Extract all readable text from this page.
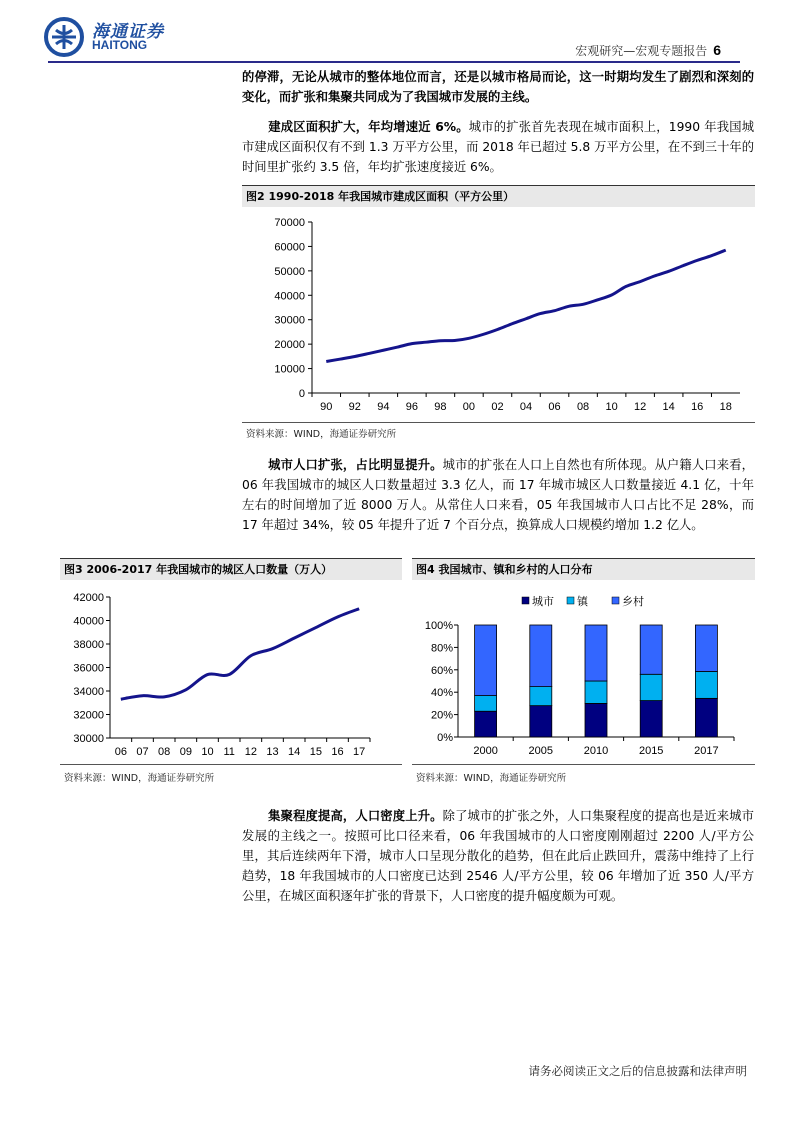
海通证券
HAITONG	宏观研究—宏观专题报告 6
的停滞，无论从城市的整体地位而言，还是以城市格局而论，这一时期均发生了剧烈和深刻的变化，而扩张和集聚共同成为了我国城市发展的主线。
建成区面积扩大，年均增速近 6%。城市的扩张首先表现在城市面积上，1990 年我国城市建成区面积仅有不到 1.3 万平方公里，而 2018 年已超过 5.8 万平方公里，在不到三十年的时间里扩张约 3.5 倍，年均扩张速度接近 6%。
图2 1990-2018 年我国城市建成区面积（平方公里）
0
10000
20000
30000
40000
50000
60000
70000
90 92 94 96 98 00 02 04 06 08 10 12 14 16 18
资料来源：WIND，海通证券研究所
城市人口扩张，占比明显提升。城市的扩张在人口上自然也有所体现。从户籍人口来看，06 年我国城市的城区人口数量超过 3.3 亿人，而 17 年城市城区人口数量接近 4.1 亿，十年左右的时间增加了近 8000 万人。从常住人口来看，05 年我国城市人口占比不足 28%，而 17 年超过 34%，较 05 年提升了近 7 个百分点，换算成人口规模约增加 1.2 亿人。
图3 2006-2017 年我国城市的城区人口数量（万人）
30000
32000
34000
36000
38000
40000
42000
06 07 08 09 10 11 12 13 14 15 16 17
资料来源：WIND，海通证券研究所
图4 我国城市、镇和乡村的人口分布
城市 镇	乡村
0%
20%
40%
60%
80%
100%
2000	2005	2010	2015	2017
资料来源：WIND，海通证券研究所
集聚程度提高，人口密度上升。除了城市的扩张之外，人口集聚程度的提高也是近来城市发展的主线之一。按照可比口径来看，06 年我国城市的人口密度刚刚超过 2200 人/平方公里，其后连续两年下滑，城市人口呈现分散化的趋势，但在此后止跌回升，震荡中维持了上行趋势，18 年我国城市的人口密度已达到 2546 人/平方公里，较 06 年增加了近 350 人/平方公里，在城区面积逐年扩张的背景下，人口密度的提升幅度颇为可观。
请务必阅读正文之后的信息披露和法律声明
